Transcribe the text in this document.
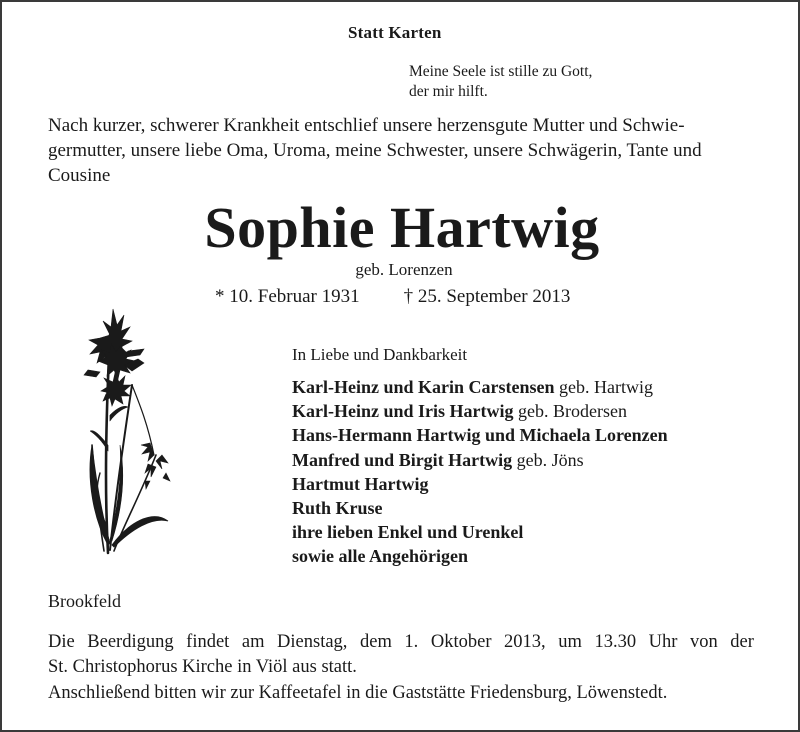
Statt Karten
Meine Seele ist stille zu Gott,
der mir hilft.
Nach kurzer, schwerer Krankheit entschlief unsere herzensgute Mutter und Schwie-
germutter, unsere liebe Oma, Uroma, meine Schwester, unsere Schwägerin, Tante und
Cousine
Sophie Hartwig
geb. Lorenzen
* 10. Februar 1931 † 25. September 2013
In Liebe und Dankbarkeit
Karl-Heinz und Karin Carstensen geb. Hartwig
Karl-Heinz und Iris Hartwig geb. Brodersen
Hans-Hermann Hartwig und Michaela Lorenzen
Manfred und Birgit Hartwig geb. Jöns
Hartmut Hartwig
Ruth Kruse
ihre lieben Enkel und Urenkel
sowie alle Angehörigen
Brookfeld
Die Beerdigung findet am Dienstag, dem 1. Oktober 2013, um 13.30 Uhr von der
St. Christophorus Kirche in Viöl aus statt.
Anschließend bitten wir zur Kaffeetafel in die Gaststätte Friedensburg, Löwenstedt.
